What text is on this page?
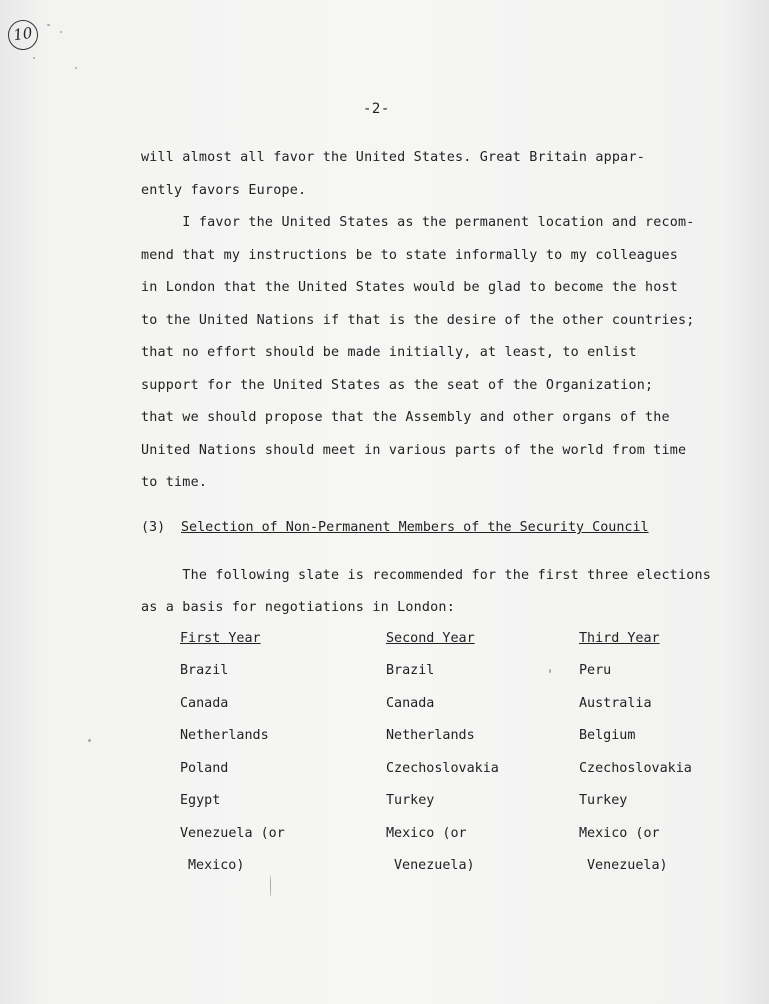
10
-2-
will almost all favor the United States. Great Britain appar-
ently favors Europe.
I favor the United States as the permanent location and recom-
mend that my instructions be to state informally to my colleagues
in London that the United States would be glad to become the host
to the United Nations if that is the desire of the other countries;
that no effort should be made initially, at least, to enlist
support for the United States as the seat of the Organization;
that we should propose that the Assembly and other organs of the
United Nations should meet in various parts of the world from time
to time.
(3) Selection of Non-Permanent Members of the Security Council
The following slate is recommended for the first three elections
as a basis for negotiations in London:
First Year
Brazil
Canada
Netherlands
Poland
Egypt
Venezuela (or
Mexico)
Second Year
Brazil
Canada
Netherlands
Czechoslovakia
Turkey
Mexico (or
Venezuela)
Third Year
Peru
Australia
Belgium
Czechoslovakia
Turkey
Mexico (or
Venezuela)
